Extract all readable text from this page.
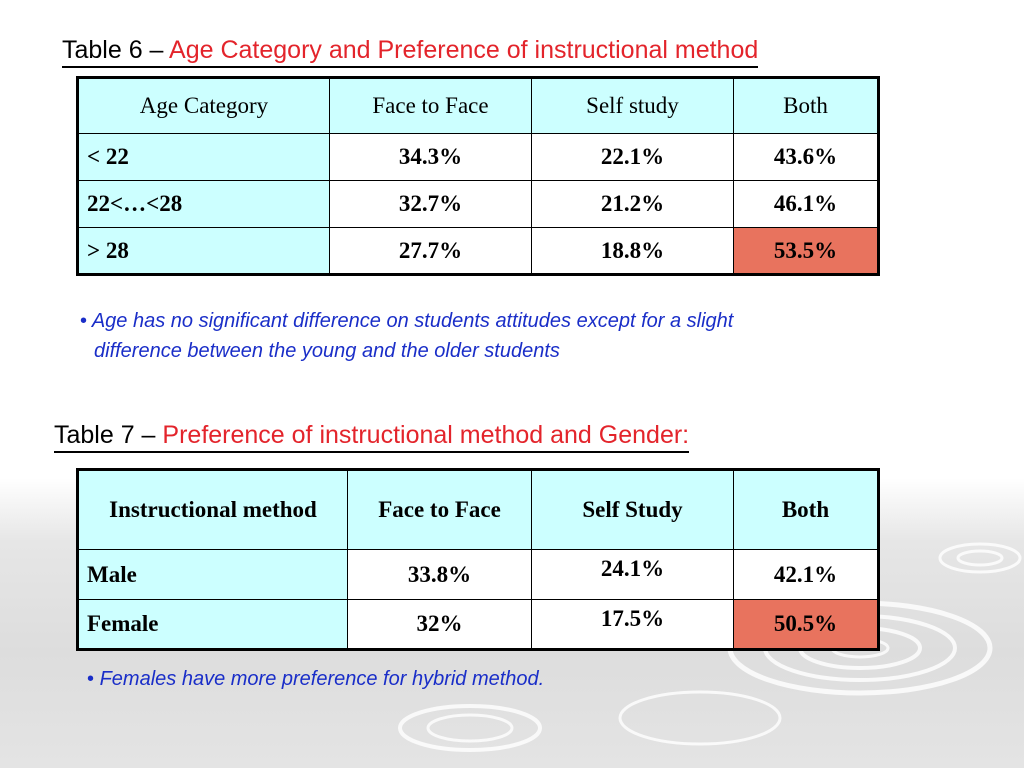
Table 6 – Age Category and Preference of instructional method
Age Category	Face to Face	Self study	Both
< 22	34.3%	22.1%	43.6%
22<…<28	32.7%	21.2%	46.1%
> 28	27.7%	18.8%	53.5%
• Age has no significant difference on students attitudes except for a slight
difference between the young and the older students
Table 7 – Preference of instructional method and Gender:
Instructional method	Face to Face	Self Study	Both
Male	33.8%	24.1%	42.1%
Female	32%	17.5%	50.5%
• Females have more preference for hybrid method.
